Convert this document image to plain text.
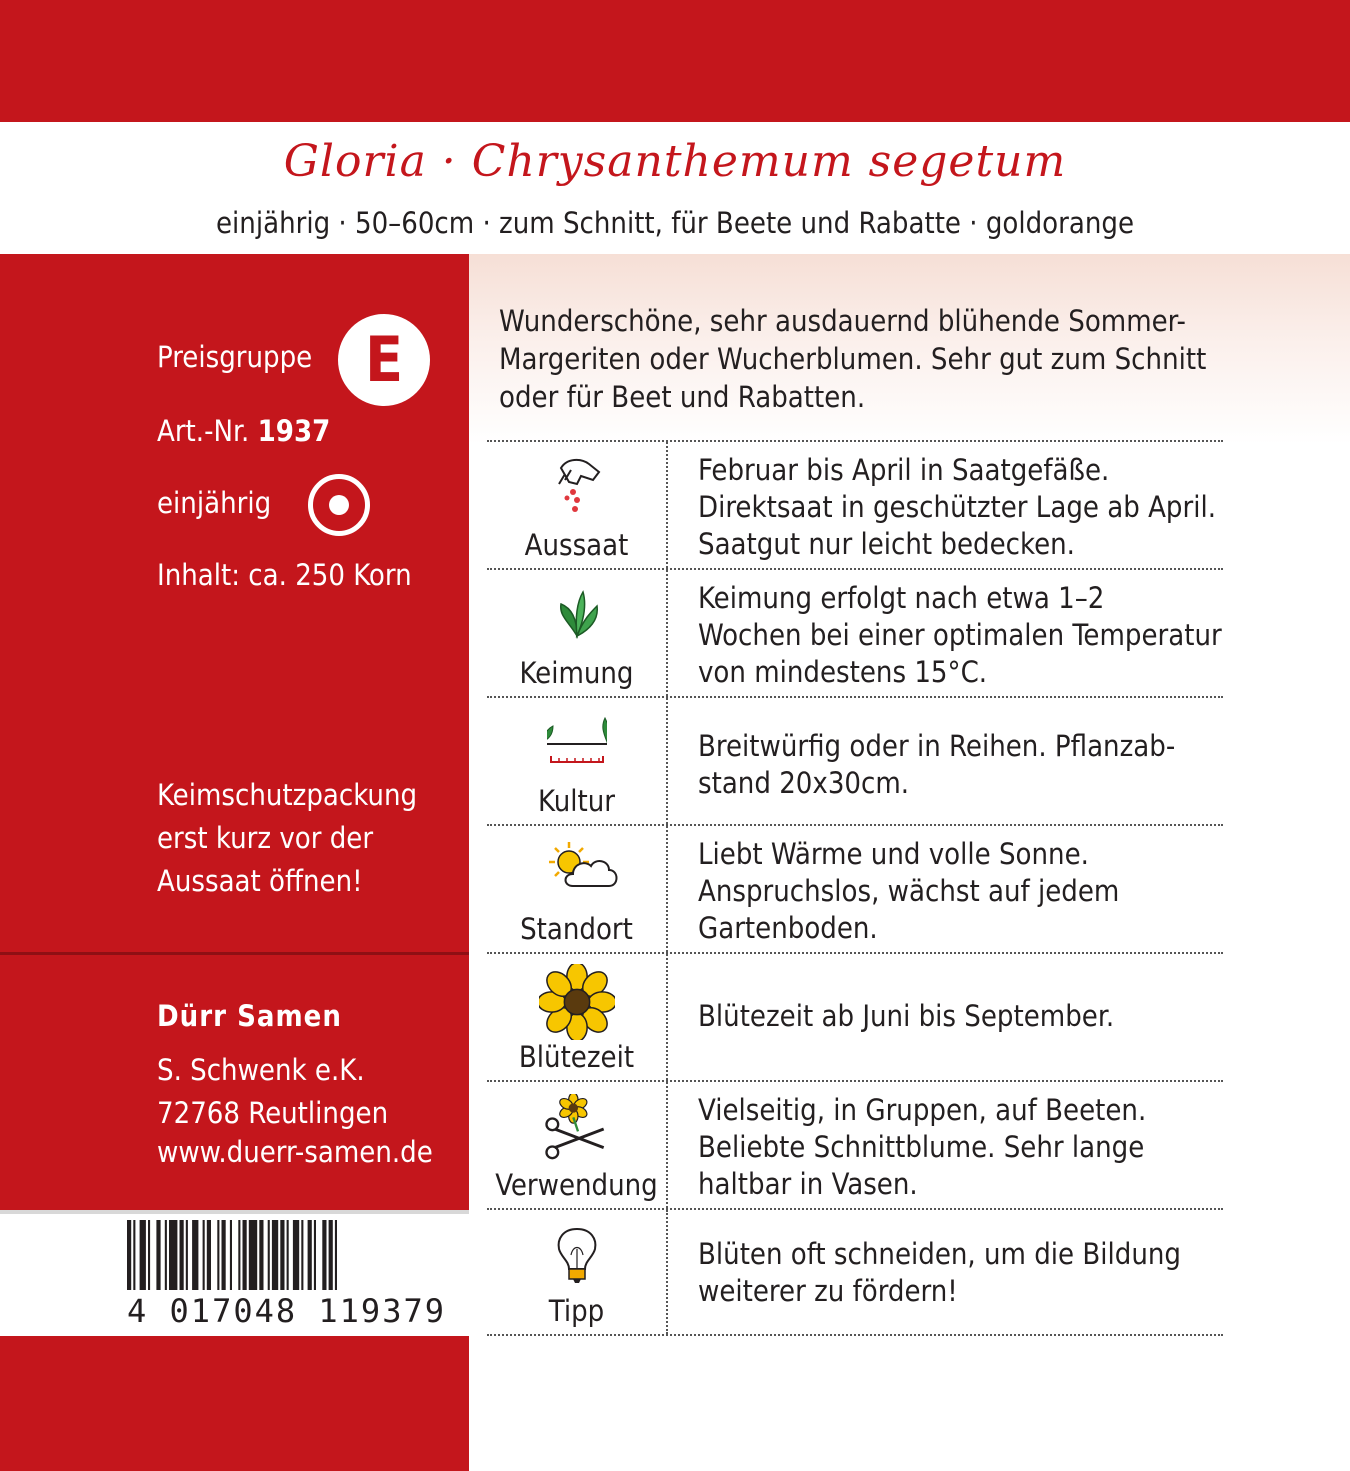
Gloria · Chrysanthemum segetum
einjährig · 50–60cm · zum Schnitt, für Beete und Rabatte · goldorange
Preisgruppe E
Art.-Nr. 1937
einjährig
Inhalt: ca. 250 Korn
Keimschutzpackung
erst kurz vor der
Aussaat öffnen!
Dürr Samen
S. Schwenk e.K.
72768 Reutlingen
www.duerr-samen.de
4 017048 119379
Wunderschöne, sehr ausdauernd blühende Sommer-
Margeriten oder Wucherblumen. Sehr gut zum Schnitt
oder für Beet und Rabatten.
Aussaat
Februar bis April in Saatgefäße.
Direktsaat in geschützter Lage ab April.
Saatgut nur leicht bedecken.
Keimung
Keimung erfolgt nach etwa 1–2
Wochen bei einer optimalen Temperatur
von mindestens 15°C.
Kultur
Breitwürfig oder in Reihen. Pflanzab-
stand 20x30cm.
Standort
Liebt Wärme und volle Sonne.
Anspruchslos, wächst auf jedem
Gartenboden.
Blütezeit
Blütezeit ab Juni bis September.
Verwendung
Vielseitig, in Gruppen, auf Beeten.
Beliebte Schnittblume. Sehr lange
haltbar in Vasen.
Tipp
Blüten oft schneiden, um die Bildung
weiterer zu fördern!
